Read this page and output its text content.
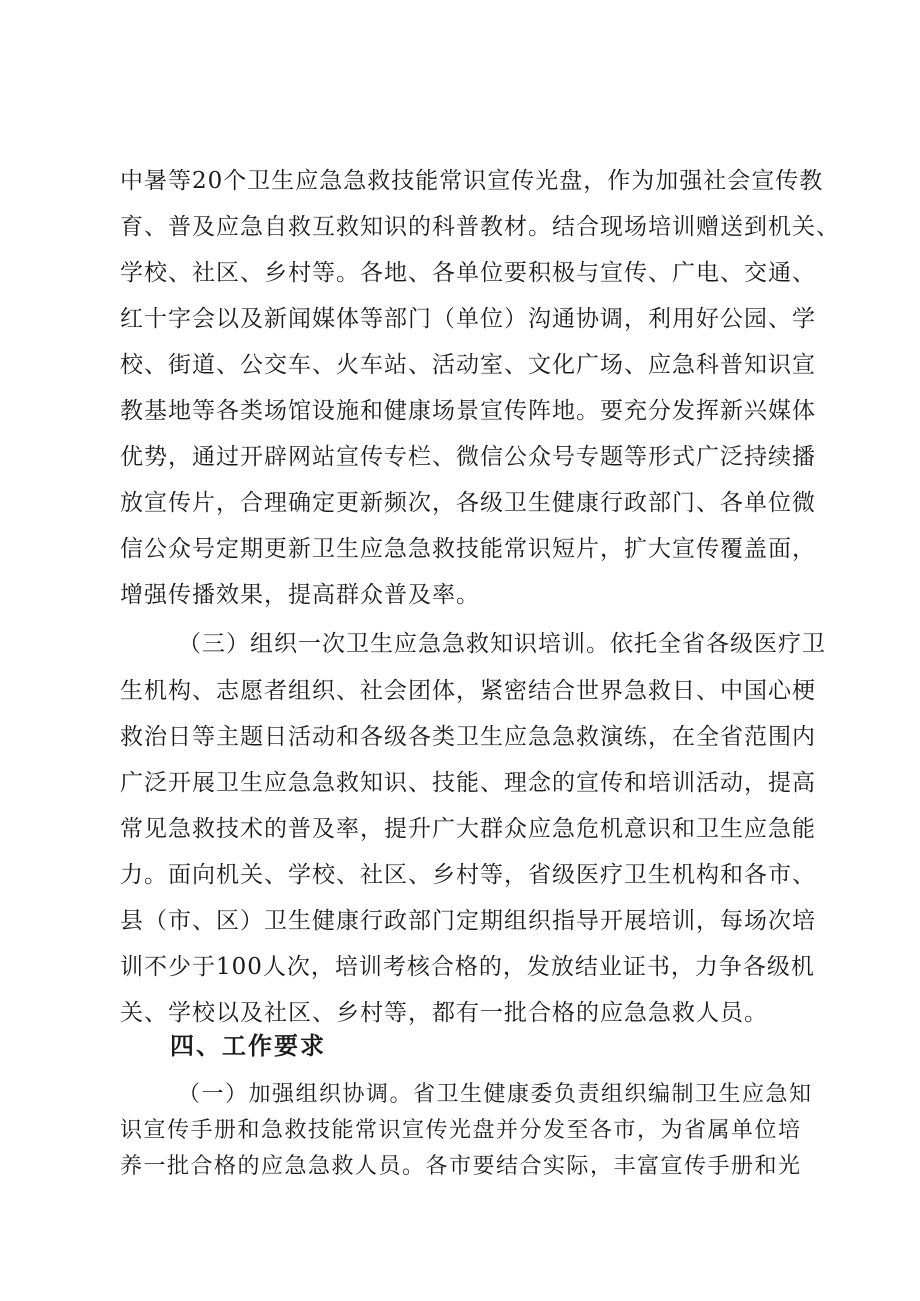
中暑等20个卫生应急急救技能常识宣传光盘，作为加强社会宣传教
育、普及应急自救互救知识的科普教材。结合现场培训赠送到机关、
学校、社区、乡村等。各地、各单位要积极与宣传、广电、交通、
红十字会以及新闻媒体等部门（单位）沟通协调，利用好公园、学
校、街道、公交车、火车站、活动室、文化广场、应急科普知识宣
教基地等各类场馆设施和健康场景宣传阵地。要充分发挥新兴媒体
优势，通过开辟网站宣传专栏、微信公众号专题等形式广泛持续播
放宣传片，合理确定更新频次，各级卫生健康行政部门、各单位微
信公众号定期更新卫生应急急救技能常识短片，扩大宣传覆盖面，
增强传播效果，提高群众普及率。
（三）组织一次卫生应急急救知识培训。依托全省各级医疗卫
生机构、志愿者组织、社会团体，紧密结合世界急救日、中国心梗
救治日等主题日活动和各级各类卫生应急急救演练，在全省范围内
广泛开展卫生应急急救知识、技能、理念的宣传和培训活动，提高
常见急救技术的普及率，提升广大群众应急危机意识和卫生应急能
力。面向机关、学校、社区、乡村等，省级医疗卫生机构和各市、
县（市、区）卫生健康行政部门定期组织指导开展培训，每场次培
训不少于100人次，培训考核合格的，发放结业证书，力争各级机
关、学校以及社区、乡村等，都有一批合格的应急急救人员。
四、工作要求
（一）加强组织协调。省卫生健康委负责组织编制卫生应急知
识宣传手册和急救技能常识宣传光盘并分发至各市，为省属单位培
养一批合格的应急急救人员。各市要结合实际，丰富宣传手册和光
